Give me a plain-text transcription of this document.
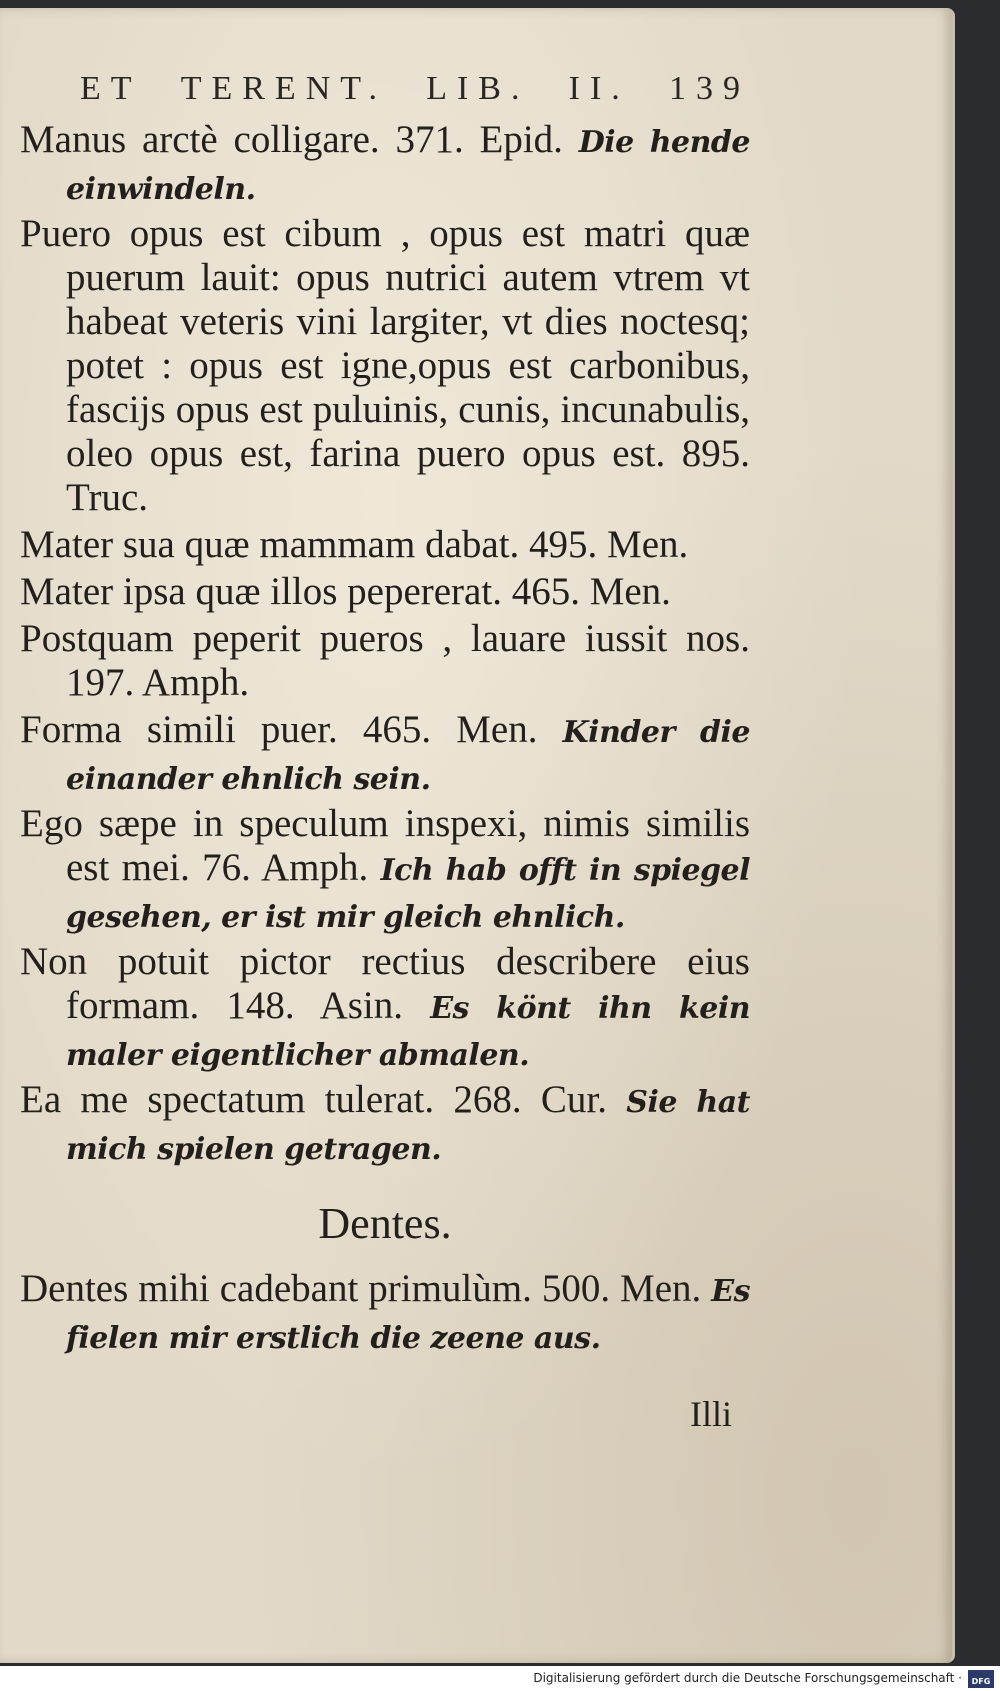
ET TERENT. LIB. II. 139

Manus arctè colligare. 371. Epid. Die hende einwindeln.

Puero opus est cibum , opus est matri quæ puerum lauit: opus nutrici autem vtrem vt habeat veteris vini largiter, vt dies noctesq; potet : opus est igne,opus est carbonibus, fascijs opus est puluinis, cunis, incunabulis, oleo opus est, farina puero opus est. 895. Truc.

Mater sua quæ mammam dabat. 495. Men.

Mater ipsa quæ illos pepererat. 465. Men.

Postquam peperit pueros , lauare iussit nos. 197. Amph.

Forma simili puer. 465. Men. Kinder die einander ehnlich sein.

Ego sæpe in speculum inspexi, nimis similis est mei. 76. Amph. Ich hab offt in spiegel gesehen, er ist mir gleich ehnlich.

Non potuit pictor rectius describere eius formam. 148. Asin. Es könt ihn kein maler eigentlicher abmalen.

Ea me spectatum tulerat. 268. Cur. Sie hat mich spielen getragen.

Dentes.

Dentes mihi cadebant primulùm. 500. Men. Es fielen mir erstlich die zeene aus.

Illi
Digitalisierung gefördert durch die Deutsche Forschungsgemeinschaft · DFG
